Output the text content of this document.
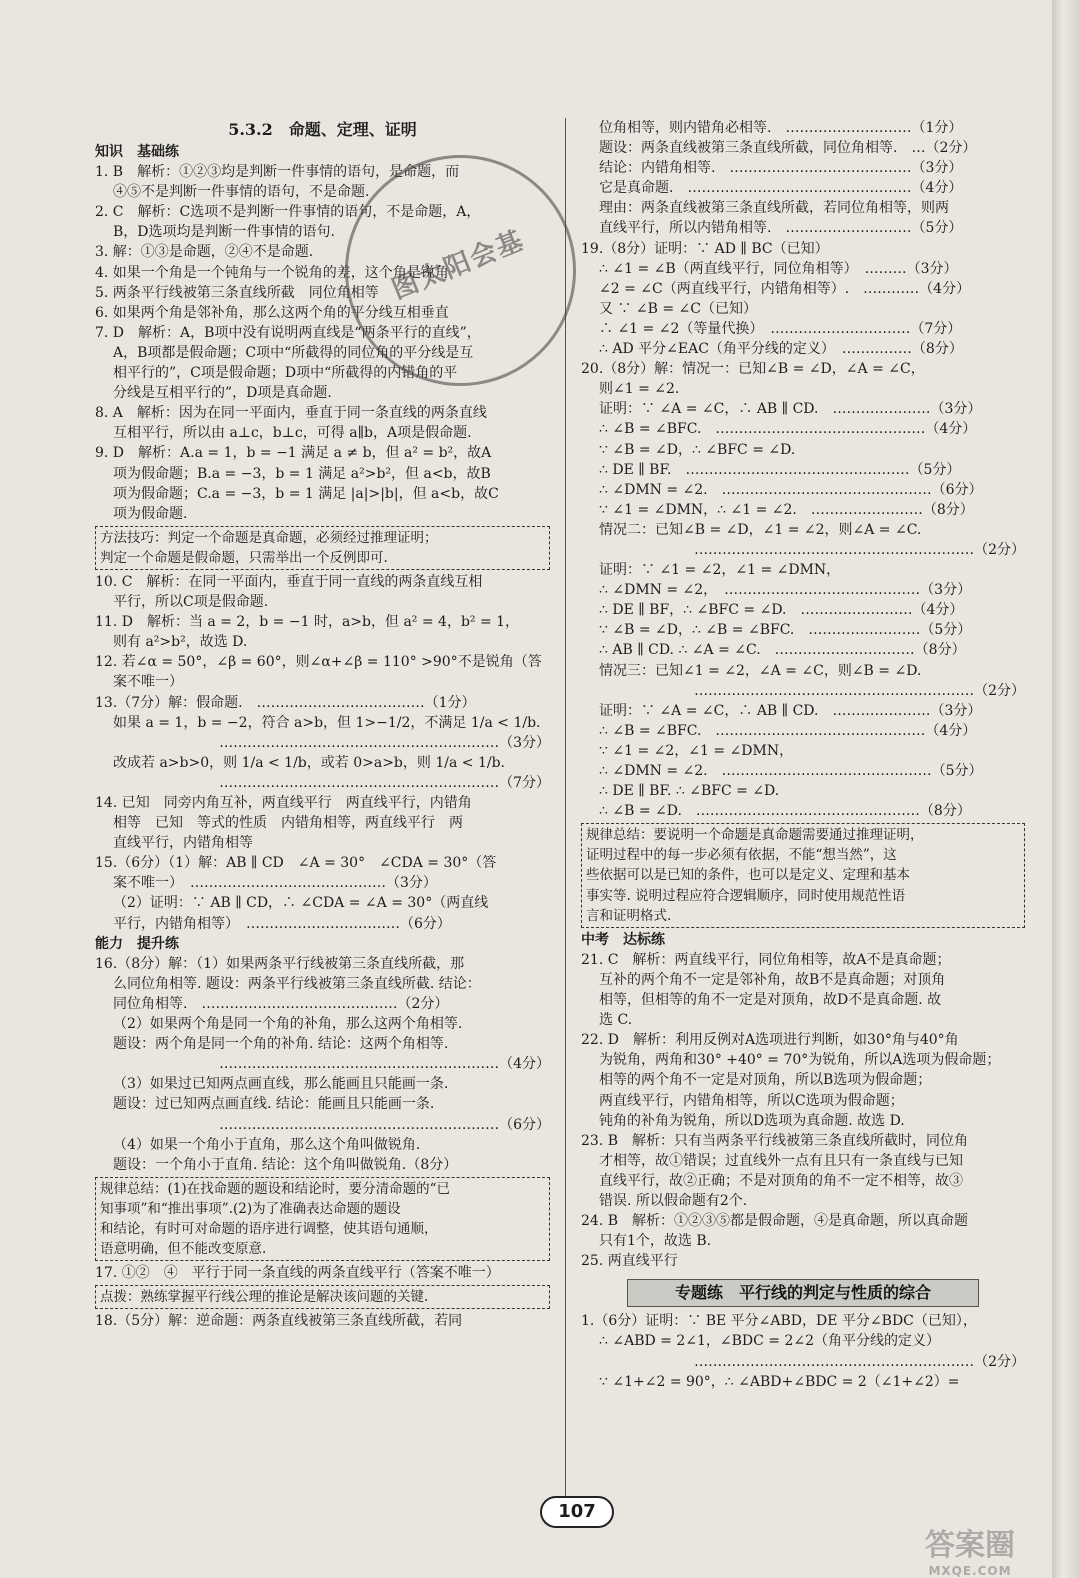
5.3.2　命题、定理、证明
知识　基础练
1. B　解析：①②③均是判断一件事情的语句，是命题，而
④⑤不是判断一件事情的语句，不是命题.
2. C　解析：C选项不是判断一件事情的语句，不是命题，A，
B，D选项均是判断一件事情的语句.
3. 解：①③是命题，②④不是命题.
4. 如果一个角是一个钝角与一个锐角的差，这个角是锐角
5. 两条平行线被第三条直线所截　同位角相等
6. 如果两个角是邻补角，那么这两个角的平分线互相垂直
7. D　解析：A，B项中没有说明两直线是“两条平行的直线”，
A，B项都是假命题；C项中“所截得的同位角的平分线是互
相平行的”，C项是假命题；D项中“所截得的内错角的平
分线是互相平行的”，D项是真命题.
8. A　解析：因为在同一平面内，垂直于同一条直线的两条直线
互相平行，所以由 a⊥c，b⊥c，可得 a∥b，A项是假命题.
9. D　解析：A.a = 1，b = −1 满足 a ≠ b，但 a² = b²，故A
项为假命题；B.a = −3，b = 1 满足 a²>b²，但 a<b，故B
项为假命题；C.a = −3，b = 1 满足 |a|>|b|，但 a<b，故C
项为假命题.
方法技巧：判定一个命题是真命题，必须经过推理证明；
判定一个命题是假命题，只需举出一个反例即可.
10. C　解析：在同一平面内，垂直于同一直线的两条直线互相
平行，所以C项是假命题.
11. D　解析：当 a = 2，b = −1 时，a>b，但 a² = 4，b² = 1，
则有 a²>b²，故选 D.
12. 若∠α = 50°，∠β = 60°，则∠α+∠β = 110° >90°不是锐角（答
案不唯一）
13.（7分）解：假命题.　………………………………（1分）
如果 a = 1，b = −2，符合 a>b，但 1>−1/2，不满足 1/a < 1/b.
……………………………………………………（3分）
改成若 a>b>0，则 1/a < 1/b，或若 0>a>b，则 1/a < 1/b.
……………………………………………………（7分）
14. 已知　同旁内角互补，两直线平行　两直线平行，内错角
相等　已知　等式的性质　内错角相等，两直线平行　两
直线平行，内错角相等
15.（6分）（1）解：AB ∥ CD　∠A = 30°　∠CDA = 30°（答
案不唯一）　……………………………………（3分）
（2）证明：∵ AB ∥ CD，∴ ∠CDA = ∠A = 30°（两直线
平行，内错角相等）　……………………………（6分）
能力　提升练
16.（8分）解：（1）如果两条平行线被第三条直线所截，那
么同位角相等. 题设：两条平行线被第三条直线所截. 结论：
同位角相等.　……………………………………（2分）
（2）如果两个角是同一个角的补角，那么这两个角相等.
题设：两个角是同一个角的补角. 结论：这两个角相等.
……………………………………………………（4分）
（3）如果过已知两点画直线，那么能画且只能画一条.
题设：过已知两点画直线. 结论：能画且只能画一条.
……………………………………………………（6分）
（4）如果一个角小于直角，那么这个角叫做锐角.
题设：一个角小于直角. 结论：这个角叫做锐角.（8分）
规律总结：(1)在找命题的题设和结论时，要分清命题的“已
知事项”和“推出事项”.(2)为了准确表达命题的题设
和结论，有时可对命题的语序进行调整，使其语句通顺，
语意明确，但不能改变原意.
17. ①②　④　平行于同一条直线的两条直线平行（答案不唯一）
点拨：熟练掌握平行线公理的推论是解决该问题的关键.
18.（5分）解：逆命题：两条直线被第三条直线所截，若同
位角相等，则内错角必相等.　………………………（1分）
题设：两条直线被第三条直线所截，同位角相等.　…（2分）
结论：内错角相等.　…………………………………（3分）
它是真命题.　…………………………………………（4分）
理由：两条直线被第三条直线所截，若同位角相等，则两
直线平行，所以内错角相等.　………………………（5分）
19.（8分）证明：∵ AD ∥ BC（已知）
∴ ∠1 = ∠B（两直线平行，同位角相等）　………（3分）
∠2 = ∠C（两直线平行，内错角相等）.　…………（4分）
又 ∵ ∠B = ∠C（已知）
∴ ∠1 = ∠2（等量代换）　…………………………（7分）
∴ AD 平分∠EAC（角平分线的定义）　……………（8分）
20.（8分）解：情况一：已知∠B = ∠D，∠A = ∠C，
则∠1 = ∠2.
证明：∵ ∠A = ∠C，∴ AB ∥ CD.　…………………（3分）
∴ ∠B = ∠BFC.　………………………………………（4分）
∵ ∠B = ∠D，∴ ∠BFC = ∠D.
∴ DE ∥ BF.　…………………………………………（5分）
∴ ∠DMN = ∠2.　………………………………………（6分）
∵ ∠1 = ∠DMN，∴ ∠1 = ∠2.　……………………（8分）
情况二：已知∠B = ∠D，∠1 = ∠2，则∠A = ∠C.
……………………………………………………（2分）
证明：∵ ∠1 = ∠2，∠1 = ∠DMN，
∴ ∠DMN = ∠2，　……………………………………（3分）
∴ DE ∥ BF，∴ ∠BFC = ∠D.　……………………（4分）
∵ ∠B = ∠D，∴ ∠B = ∠BFC.　……………………（5分）
∴ AB ∥ CD. ∴ ∠A = ∠C.　…………………………（8分）
情况三：已知∠1 = ∠2，∠A = ∠C，则∠B = ∠D.
……………………………………………………（2分）
证明：∵ ∠A = ∠C，∴ AB ∥ CD.　…………………（3分）
∴ ∠B = ∠BFC.　………………………………………（4分）
∵ ∠1 = ∠2，∠1 = ∠DMN，
∴ ∠DMN = ∠2.　………………………………………（5分）
∴ DE ∥ BF. ∴ ∠BFC = ∠D.
∴ ∠B = ∠D.　…………………………………………（8分）
规律总结：要说明一个命题是真命题需要通过推理证明，
证明过程中的每一步必须有依据，不能“想当然”，这
些依据可以是已知的条件，也可以是定义、定理和基本
事实等. 说明过程应符合逻辑顺序，同时使用规范性语
言和证明格式.
中考　达标练
21. C　解析：两直线平行，同位角相等，故A不是真命题；
互补的两个角不一定是邻补角，故B不是真命题；对顶角
相等，但相等的角不一定是对顶角，故D不是真命题. 故
选 C.
22. D　解析：利用反例对A选项进行判断，如30°角与40°角
为锐角，两角和30° +40° = 70°为锐角，所以A选项为假命题；
相等的两个角不一定是对顶角，所以B选项为假命题；
两直线平行，内错角相等，所以C选项为假命题；
钝角的补角为锐角，所以D选项为真命题. 故选 D.
23. B　解析：只有当两条平行线被第三条直线所截时，同位角
才相等，故①错误；过直线外一点有且只有一条直线与已知
直线平行，故②正确；不是对顶角的角不一定不相等，故③
错误. 所以假命题有2个.
24. B　解析：①②③⑤都是假命题，④是真命题，所以真命题
只有1个，故选 B.
25. 两直线平行
专题练　平行线的判定与性质的综合
1.（6分）证明：∵ BE 平分∠ABD，DE 平分∠BDC（已知），
∴ ∠ABD = 2∠1，∠BDC = 2∠2（角平分线的定义）
……………………………………………………（2分）
∵ ∠1+∠2 = 90°，∴ ∠ABD+∠BDC = 2（∠1+∠2）=
图太阳会基
107
答案圈
MXQE.COM
